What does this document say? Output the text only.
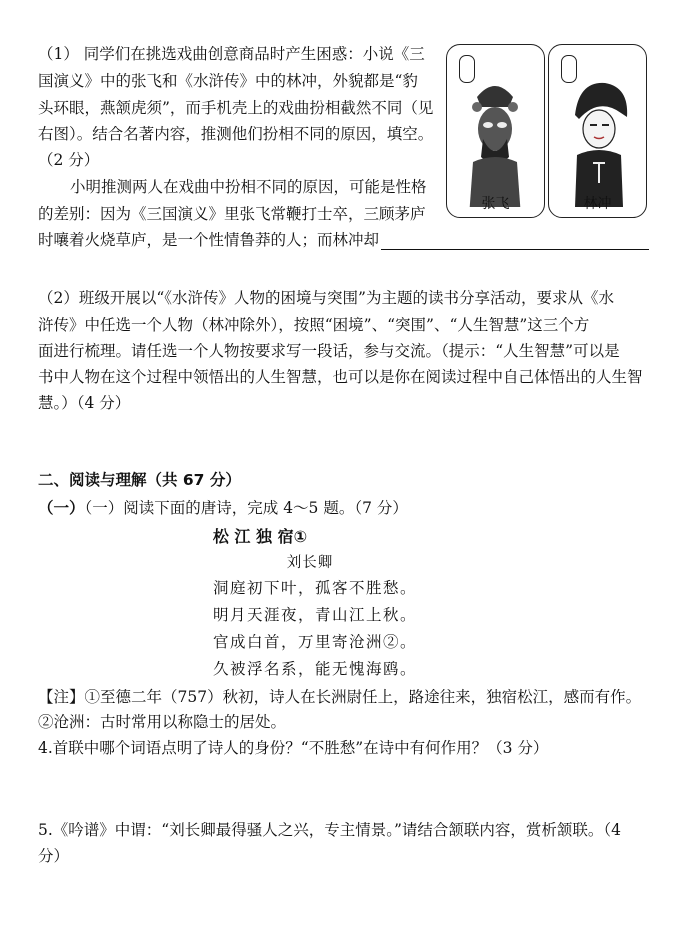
（1） 同学们在挑选戏曲创意商品时产生困惑：小说《三
国演义》中的张飞和《水浒传》中的林冲，外貌都是“豹
头环眼，燕颔虎须”，而手机壳上的戏曲扮相截然不同（见
右图）。结合名著内容，推测他们扮相不同的原因，填空。
（2 分）
小明推测两人在戏曲中扮相不同的原因，可能是性格
的差别：因为《三国演义》里张飞常鞭打士卒，三顾茅庐
时嚷着火烧草庐，是一个性情鲁莽的人；而林冲却
张飞	林冲
（2）班级开展以“《水浒传》人物的困境与突围”为主题的读书分享活动，要求从《水
浒传》中任选一个人物（林冲除外），按照“困境”、“突围”、“人生智慧”这三个方
面进行梳理。请任选一个人物按要求写一段话，参与交流。（提示：“人生智慧”可以是
书中人物在这个过程中领悟出的人生智慧，也可以是你在阅读过程中自己体悟出的人生智
慧。）（4 分）
二、阅读与理解（共 67 分）
（一）（一）阅读下面的唐诗，完成 4～5 题。（7 分）
松 江 独 宿①
刘长卿
洞庭初下叶，孤客不胜愁。
明月天涯夜，青山江上秋。
官成白首，万里寄沧洲②。
久被浮名系，能无愧海鸥。
【注】①至德二年（757）秋初，诗人在长洲尉任上，路途往来，独宿松江，感而有作。
②沧洲：古时常用以称隐士的居处。
4.首联中哪个词语点明了诗人的身份？“不胜愁”在诗中有何作用？（3 分）
5.《吟谱》中谓：“刘长卿最得骚人之兴，专主情景。”请结合颔联内容，赏析颔联。（4
分）
